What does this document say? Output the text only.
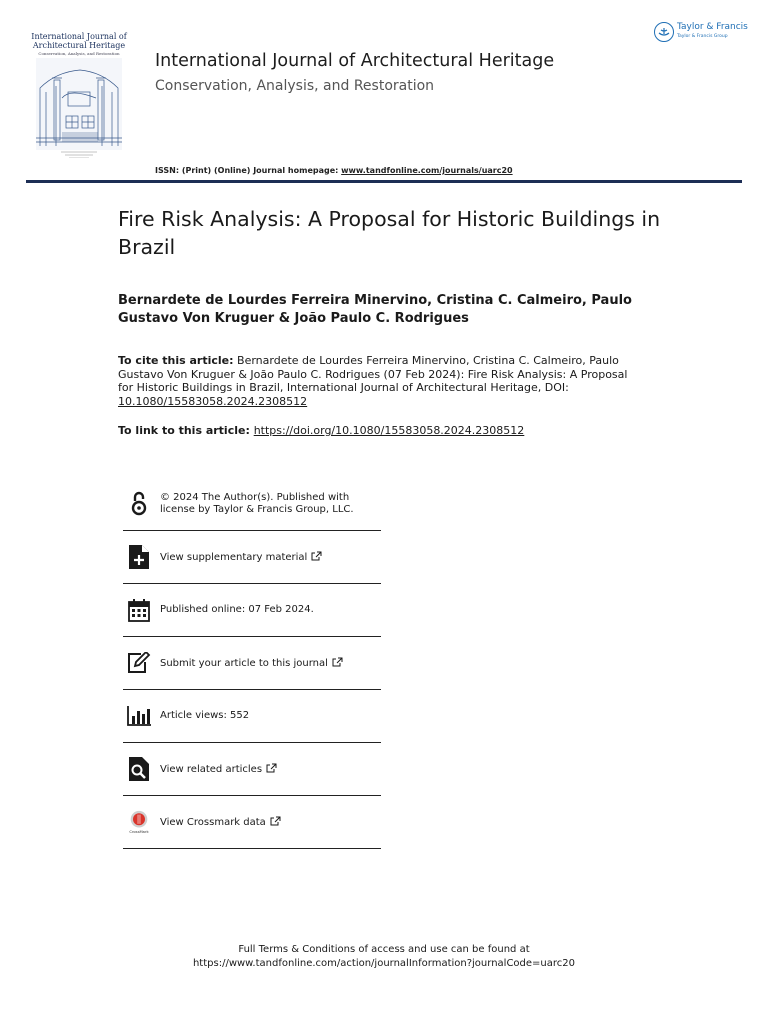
International Journal of Architectural Heritage
Conservation, Analysis, and Restoration	International Journal of Architectural Heritage
Conservation, Analysis, and Restoration
Taylor & Francis
Taylor & Francis Group
ISSN: (Print) (Online) Journal homepage: www.tandfonline.com/journals/uarc20
Fire Risk Analysis: A Proposal for Historic Buildings in Brazil
Bernardete de Lourdes Ferreira Minervino, Cristina C. Calmeiro, Paulo Gustavo Von Kruguer & João Paulo C. Rodrigues
To cite this article: Bernardete de Lourdes Ferreira Minervino, Cristina C. Calmeiro, Paulo Gustavo Von Kruguer & João Paulo C. Rodrigues (07 Feb 2024): Fire Risk Analysis: A Proposal for Historic Buildings in Brazil, International Journal of Architectural Heritage, DOI: 10.1080/15583058.2024.2308512
To link to this article: https://doi.org/10.1080/15583058.2024.2308512
© 2024 The Author(s). Published with license by Taylor & Francis Group, LLC.
View supplementary material
Published online: 07 Feb 2024.
Submit your article to this journal
Article views: 552
View related articles
CrossMark
View Crossmark data
Full Terms & Conditions of access and use can be found at
https://www.tandfonline.com/action/journalInformation?journalCode=uarc20
